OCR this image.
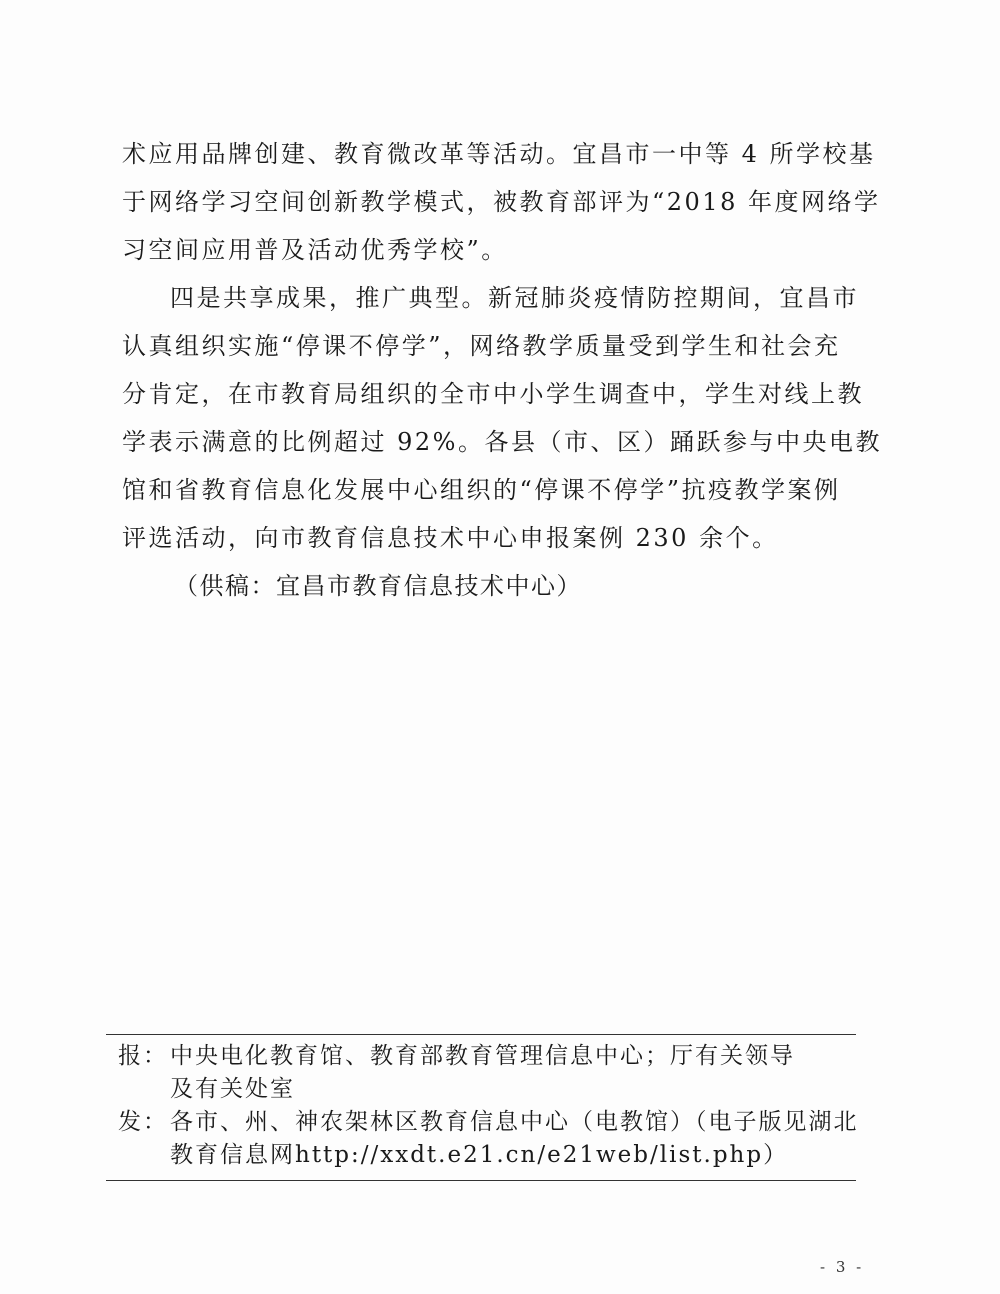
术应用品牌创建、教育微改革等活动。宜昌市一中等 4 所学校基
于网络学习空间创新教学模式，被教育部评为“2018 年度网络学
习空间应用普及活动优秀学校”。
四是共享成果，推广典型。新冠肺炎疫情防控期间，宜昌市
认真组织实施“停课不停学”，网络教学质量受到学生和社会充
分肯定，在市教育局组织的全市中小学生调查中，学生对线上教
学表示满意的比例超过 92%。各县（市、区）踊跃参与中央电教
馆和省教育信息化发展中心组织的“停课不停学”抗疫教学案例
评选活动，向市教育信息技术中心申报案例 230 余个。
（供稿：宜昌市教育信息技术中心）
报： 中央电化教育馆、教育部教育管理信息中心；厅有关领导
及有关处室
发： 各市、州、神农架林区教育信息中心（电教馆）（电子版见湖北
教育信息网http://xxdt.e21.cn/e21web/list.php）
- 3 -
